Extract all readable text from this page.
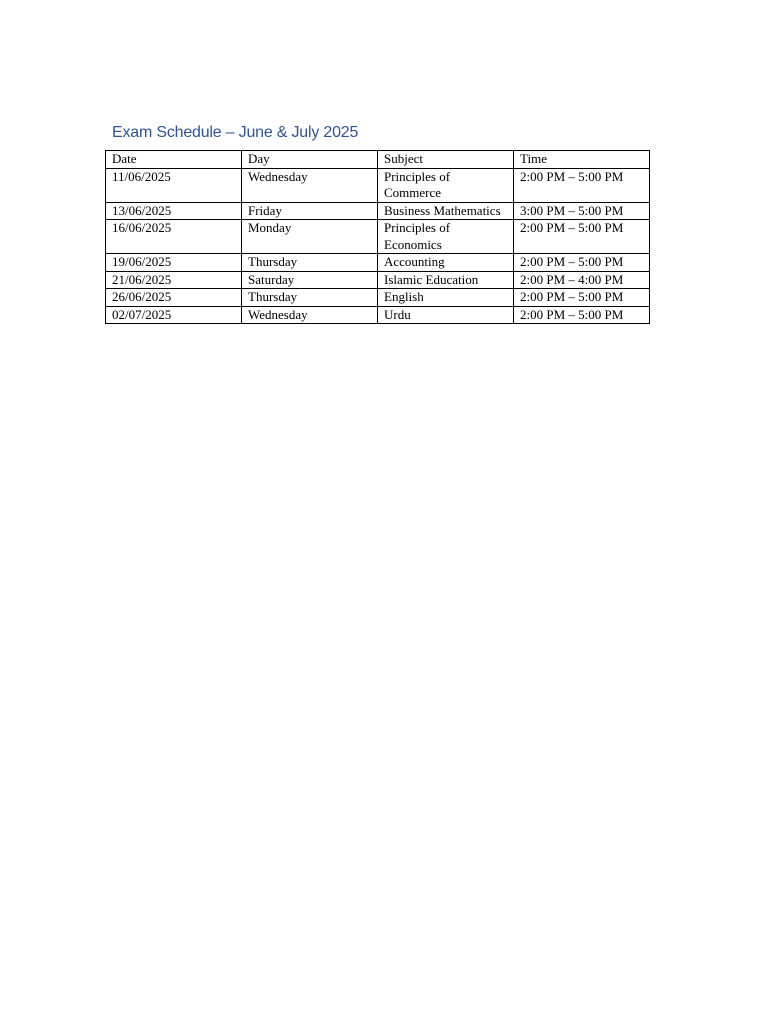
Exam Schedule – June & July 2025
Date	Day	Subject	Time
11/06/2025	Wednesday	Principles of Commerce	2:00 PM – 5:00 PM
13/06/2025	Friday	Business Mathematics	3:00 PM – 5:00 PM
16/06/2025	Monday	Principles of Economics	2:00 PM – 5:00 PM
19/06/2025	Thursday	Accounting	2:00 PM – 5:00 PM
21/06/2025	Saturday	Islamic Education	2:00 PM – 4:00 PM
26/06/2025	Thursday	English	2:00 PM – 5:00 PM
02/07/2025	Wednesday	Urdu	2:00 PM – 5:00 PM
